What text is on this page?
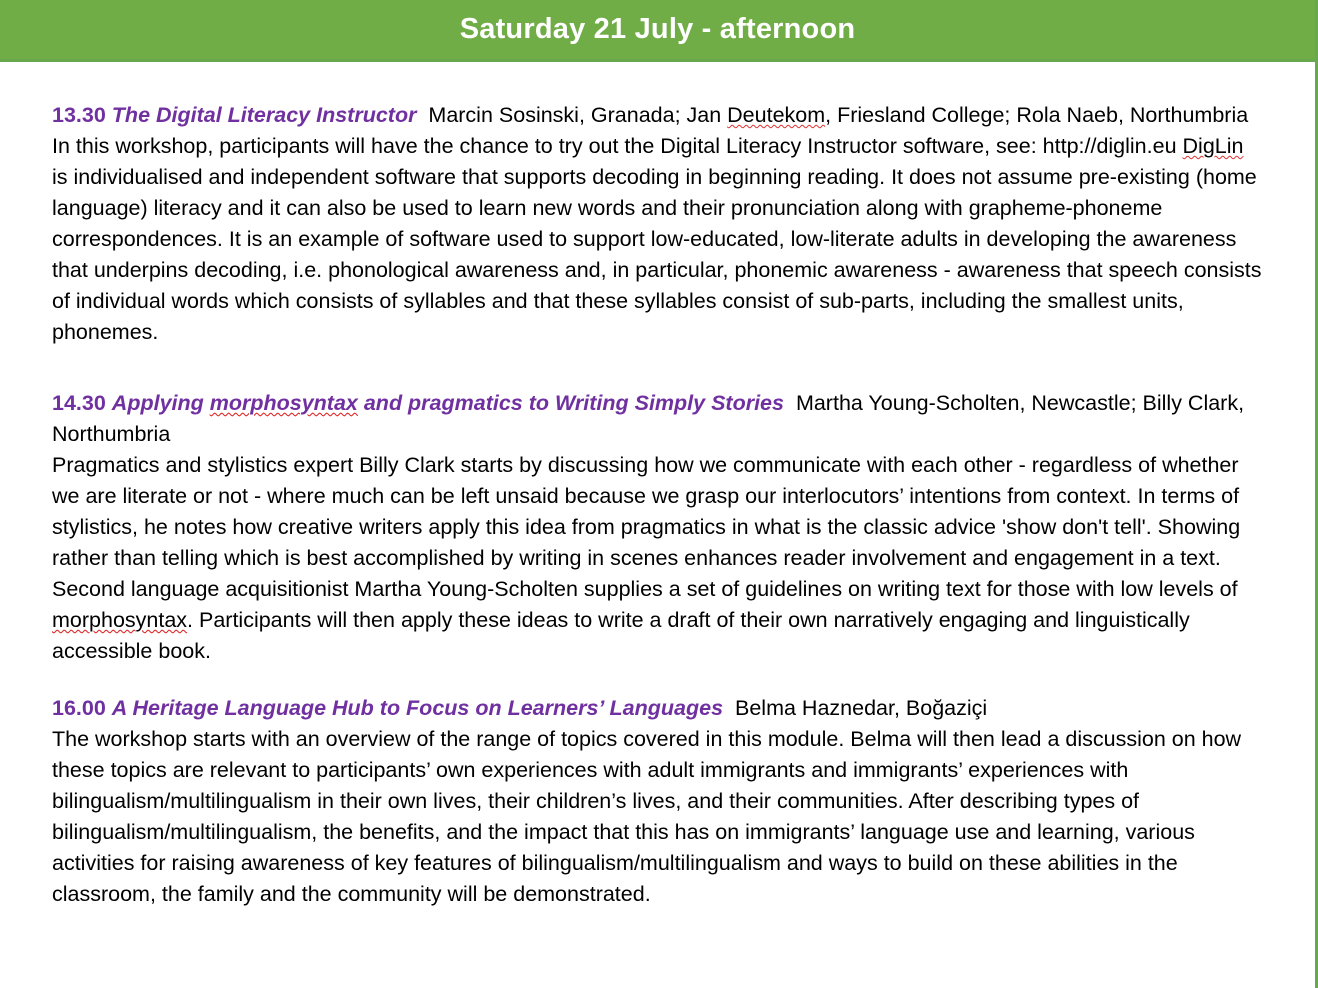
Saturday 21 July - afternoon
13.30 The Digital Literacy Instructor Marcin Sosinski, Granada; Jan Deutekom, Friesland College; Rola Naeb, Northumbria

In this workshop, participants will have the chance to try out the Digital Literacy Instructor software, see: http://diglin.eu DigLin is individualised and independent software that supports decoding in beginning reading. It does not assume pre-existing (home language) literacy and it can also be used to learn new words and their pronunciation along with grapheme-phoneme correspondences. It is an example of software used to support low-educated, low-literate adults in developing the awareness that underpins decoding, i.e. phonological awareness and, in particular, phonemic awareness - awareness that speech consists of individual words which consists of syllables and that these syllables consist of sub-parts, including the smallest units, phonemes.

14.30 Applying morphosyntax and pragmatics to Writing Simply Stories Martha Young-Scholten, Newcastle; Billy Clark, Northumbria

Pragmatics and stylistics expert Billy Clark starts by discussing how we communicate with each other - regardless of whether we are literate or not - where much can be left unsaid because we grasp our interlocutors’ intentions from context. In terms of stylistics, he notes how creative writers apply this idea from pragmatics in what is the classic advice 'show don't tell'. Showing rather than telling which is best accomplished by writing in scenes enhances reader involvement and engagement in a text. Second language acquisitionist Martha Young-Scholten supplies a set of guidelines on writing text for those with low levels of morphosyntax. Participants will then apply these ideas to write a draft of their own narratively engaging and linguistically accessible book.

16.00 A Heritage Language Hub to Focus on Learners’ Languages Belma Haznedar, Boğaziçi

The workshop starts with an overview of the range of topics covered in this module. Belma will then lead a discussion on how these topics are relevant to participants’ own experiences with adult immigrants and immigrants’ experiences with bilingualism/multilingualism in their own lives, their children’s lives, and their communities. After describing types of bilingualism/multilingualism, the benefits, and the impact that this has on immigrants’ language use and learning, various activities for raising awareness of key features of bilingualism/multilingualism and ways to build on these abilities in the classroom, the family and the community will be demonstrated.
